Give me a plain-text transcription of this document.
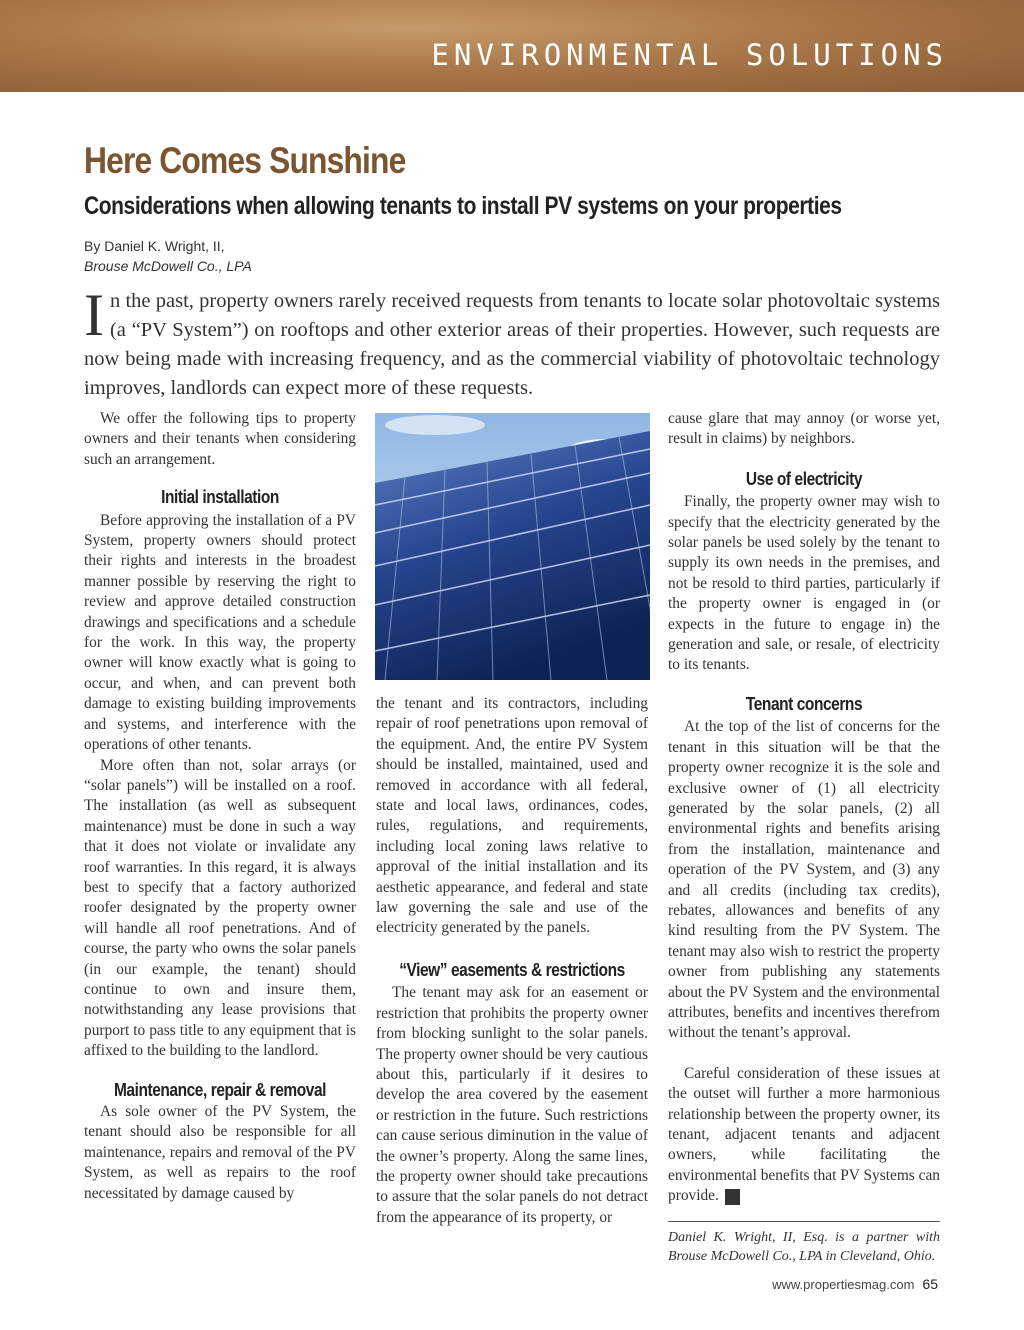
ENVIRONMENTAL SOLUTIONS
Here Comes Sunshine
Considerations when allowing tenants to install PV systems on your properties
By Daniel K. Wright, II,
Brouse McDowell Co., LPA
In the past, property owners rarely received requests from tenants to locate solar photovoltaic systems (a “PV System”) on rooftops and other exterior areas of their properties. However, such requests are now being made with increasing frequency, and as the commercial viability of photovoltaic technology improves, landlords can expect more of these requests.

We offer the following tips to property owners and their tenants when considering such an arrangement.

Initial installation

Before approving the installation of a PV System, property owners should protect their rights and interests in the broadest manner possible by reserving the right to review and approve detailed construction drawings and specifications and a schedule for the work. In this way, the property owner will know exactly what is going to occur, and when, and can prevent both damage to existing building improvements and systems, and interference with the operations of other tenants.

More often than not, solar arrays (or “solar panels”) will be installed on a roof. The installation (as well as subsequent maintenance) must be done in such a way that it does not violate or invalidate any roof warranties. In this regard, it is always best to specify that a factory authorized roofer designated by the property owner will handle all roof penetrations. And of course, the party who owns the solar panels (in our example, the tenant) should continue to own and insure them, notwithstanding any lease provisions that purport to pass title to any equipment that is affixed to the building to the landlord.

Maintenance, repair & removal

As sole owner of the PV System, the tenant should also be responsible for all maintenance, repairs and removal of the PV System, as well as repairs to the roof necessitated by damage caused by

the tenant and its contractors, including repair of roof penetrations upon removal of the equipment. And, the entire PV System should be installed, maintained, used and removed in accordance with all federal, state and local laws, ordinances, codes, rules, regulations, and requirements, including local zoning laws relative to approval of the initial installation and its aesthetic appearance, and federal and state law governing the sale and use of the electricity generated by the panels.

“View” easements & restrictions

The tenant may ask for an easement or restriction that prohibits the property owner from blocking sunlight to the solar panels. The property owner should be very cautious about this, particularly if it desires to develop the area covered by the easement or restriction in the future. Such restrictions can cause serious diminution in the value of the owner’s property. Along the same lines, the property owner should take precautions to assure that the solar panels do not detract from the appearance of its property, or

cause glare that may annoy (or worse yet, result in claims) by neighbors.

Use of electricity

Finally, the property owner may wish to specify that the electricity generated by the solar panels be used solely by the tenant to supply its own needs in the premises, and not be resold to third parties, particularly if the property owner is engaged in (or expects in the future to engage in) the generation and sale, or resale, of electricity to its tenants.

Tenant concerns

At the top of the list of concerns for the tenant in this situation will be that the property owner recognize it is the sole and exclusive owner of (1) all electricity generated by the solar panels, (2) all environmental rights and benefits arising from the installation, maintenance and operation of the PV System, and (3) any and all credits (including tax credits), rebates, allowances and benefits of any kind resulting from the PV System. The tenant may also wish to restrict the property owner from publishing any statements about the PV System and the environmental attributes, benefits and incentives therefrom without the tenant’s approval.

Careful consideration of these issues at the outset will further a more harmonious relationship between the property owner, its tenant, adjacent tenants and adjacent owners, while facilitating the environmental benefits that PV Systems can provide. P

Daniel K. Wright, II, Esq. is a partner with Brouse McDowell Co., LPA in Cleveland, Ohio.
www.propertiesmag.com 65
